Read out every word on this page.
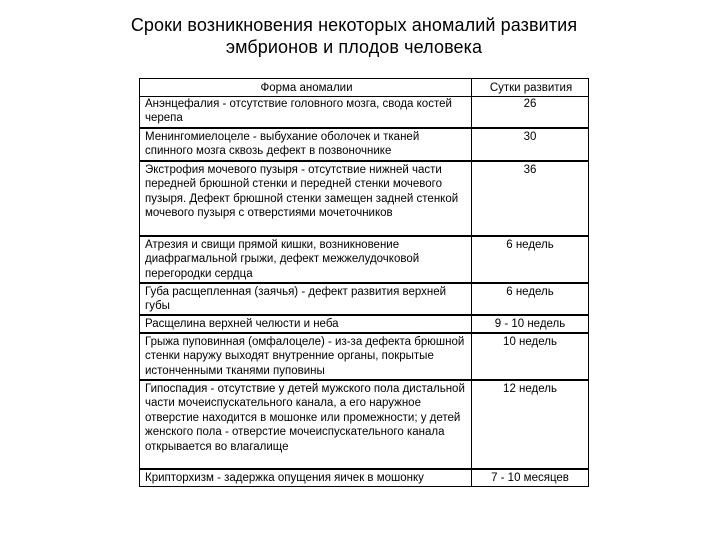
Сроки возникновения некоторых аномалий развития
эмбрионов и плодов человека
Форма аномалии	Сутки развития
Анэнцефалия - отсутствие головного мозга, свода костей черепа	26
Менингомиелоцеле - выбухание оболочек и тканей спинного мозга сквозь дефект в позвоночнике	30
Экстрофия мочевого пузыря - отсутствие нижней части передней брюшной стенки и передней стенки мочевого пузыря. Дефект брюшной стенки замещен задней стенкой мочевого пузыря с отверстиями мочеточников	36
Атрезия и свищи прямой кишки, возникновение диафрагмальной грыжи, дефект межжелудочковой перегородки сердца	6 недель
Губа расщепленная (заячья) - дефект развития верхней губы	6 недель
Расщелина верхней челюсти и неба	9 - 10 недель
Грыжа пуповинная (омфалоцеле) - из-за дефекта брюшной стенки наружу выходят внутренние органы, покрытые истонченными тканями пуповины	10 недель
Гипоспадия - отсутствие у детей мужского пола дистальной части мочеиспускательного канала, а его наружное отверстие находится в мошонке или промежности; у детей женского пола - отверстие мочеиспускательного канала открывается во влагалище	12 недель
Крипторхизм - задержка опущения яичек в мошонку	7 - 10 месяцев
